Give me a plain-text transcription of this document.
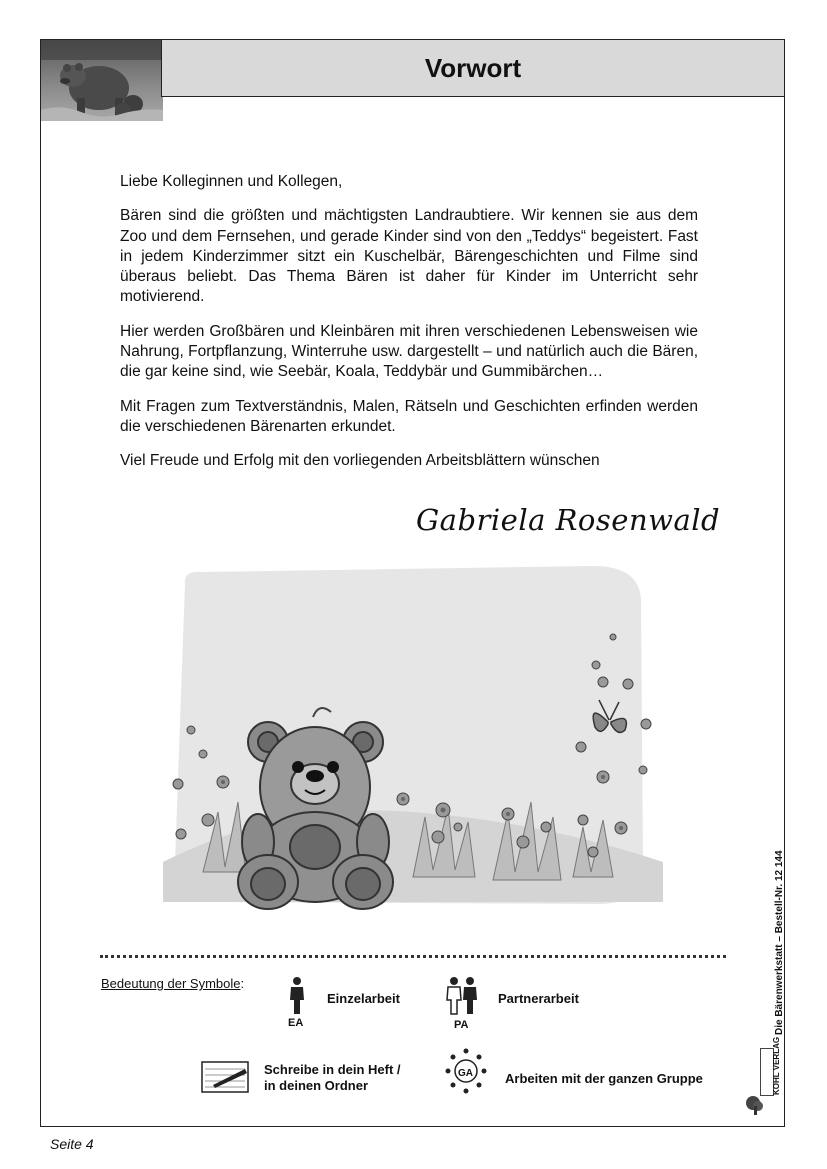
Vorwort

Liebe Kolleginnen und Kollegen,

Bären sind die größten und mächtigsten Landraubtiere. Wir kennen sie aus dem Zoo und dem Fernsehen, und gerade Kinder sind von den „Teddys“ begeistert. Fast in jedem Kinderzimmer sitzt ein Kuschelbär, Bärengeschichten und Filme sind überaus beliebt. Das Thema Bären ist daher für Kinder im Unterricht sehr motivierend.

Hier werden Großbären und Kleinbären mit ihren verschiedenen Lebensweisen wie Nahrung, Fortpflanzung, Winterruhe usw. dargestellt – und natürlich auch die Bären, die gar keine sind, wie Seebär, Koala, Teddybär und Gummibärchen…

Mit Fragen zum Textverständnis, Malen, Rätseln und Geschichten erfinden werden die verschiedenen Bärenarten erkundet.

Viel Freude und Erfolg mit den vorliegenden Arbeitsblättern wünschen

Gabriela Rosenwald
Bedeutung der Symbole:
EA
Einzelarbeit
PA
Partnerarbeit
Schreibe in dein Heft /
in deinen Ordner
GA Arbeiten mit der ganzen Gruppe
Die Bärenwerkstatt – Bestell-Nr. 12 144
KOHL VERLAG
Seite 4
